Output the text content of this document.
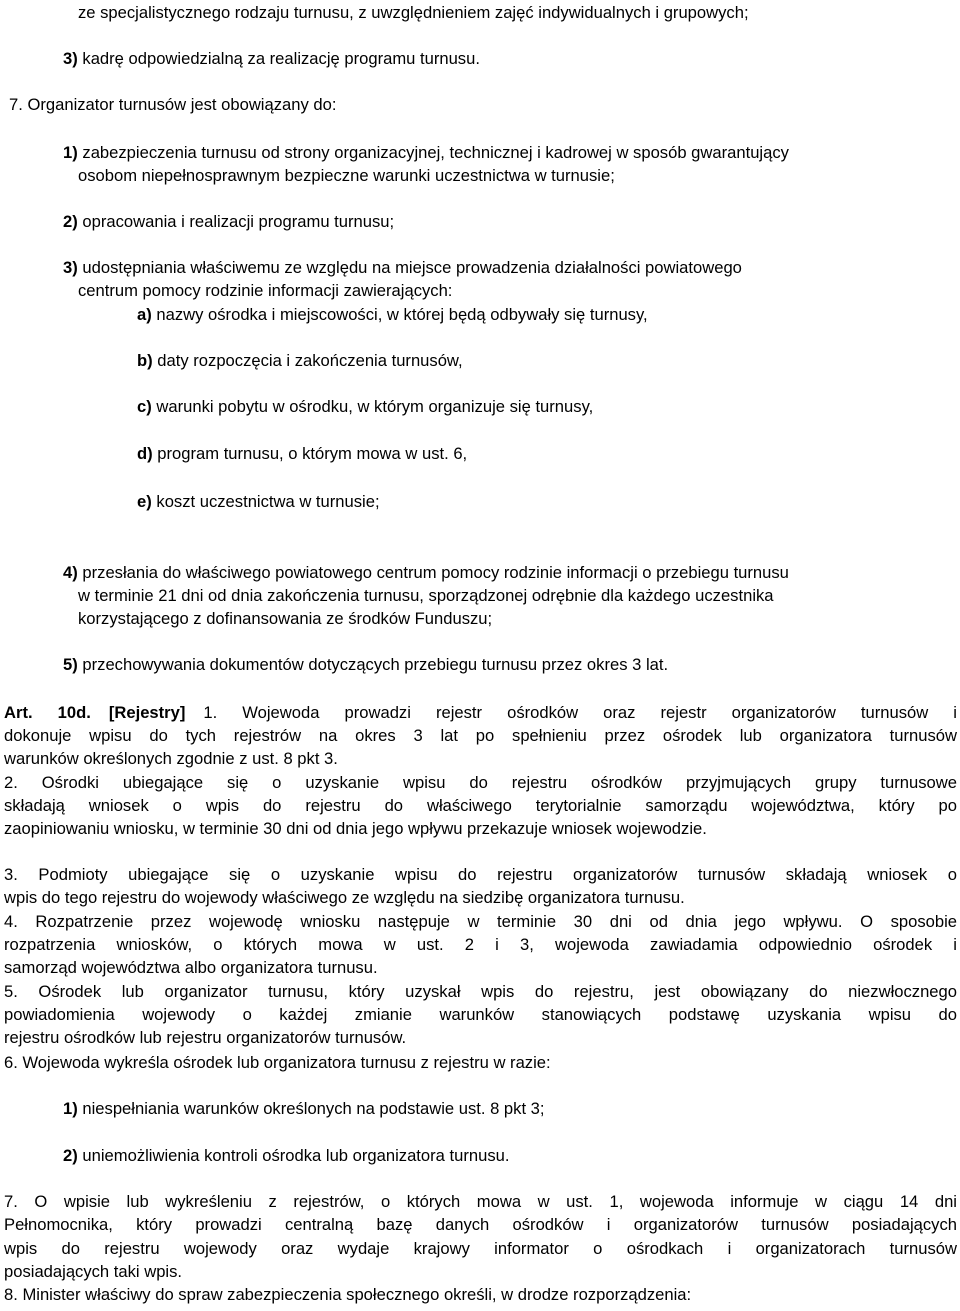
ze specjalistycznego rodzaju turnusu, z uwzględnieniem zajęć indywidualnych i grupowych;
3) kadrę odpowiedzialną za realizację programu turnusu.
7. Organizator turnusów jest obowiązany do:
1) zabezpieczenia turnusu od strony organizacyjnej, technicznej i kadrowej w sposób gwarantujący
osobom niepełnosprawnym bezpieczne warunki uczestnictwa w turnusie;
2) opracowania i realizacji programu turnusu;
3) udostępniania właściwemu ze względu na miejsce prowadzenia działalności powiatowego
centrum pomocy rodzinie informacji zawierających:
a) nazwy ośrodka i miejscowości, w której będą odbywały się turnusy,
b) daty rozpoczęcia i zakończenia turnusów,
c) warunki pobytu w ośrodku, w którym organizuje się turnusy,
d) program turnusu, o którym mowa w ust. 6,
e) koszt uczestnictwa w turnusie;
4) przesłania do właściwego powiatowego centrum pomocy rodzinie informacji o przebiegu turnusu
w terminie 21 dni od dnia zakończenia turnusu, sporządzonej odrębnie dla każdego uczestnika
korzystającego z dofinansowania ze środków Funduszu;
5) przechowywania dokumentów dotyczących przebiegu turnusu przez okres 3 lat.
Art. 10d. [Rejestry] 1. Wojewoda prowadzi rejestr ośrodków oraz rejestr organizatorów turnusów i
dokonuje wpisu do tych rejestrów na okres 3 lat po spełnieniu przez ośrodek lub organizatora turnusów
warunków określonych zgodnie z ust. 8 pkt 3.
2. Ośrodki ubiegające się o uzyskanie wpisu do rejestru ośrodków przyjmujących grupy turnusowe
składają wniosek o wpis do rejestru do właściwego terytorialnie samorządu województwa, który po
zaopiniowaniu wniosku, w terminie 30 dni od dnia jego wpływu przekazuje wniosek wojewodzie.
3. Podmioty ubiegające się o uzyskanie wpisu do rejestru organizatorów turnusów składają wniosek o
wpis do tego rejestru do wojewody właściwego ze względu na siedzibę organizatora turnusu.
4. Rozpatrzenie przez wojewodę wniosku następuje w terminie 30 dni od dnia jego wpływu. O sposobie
rozpatrzenia wniosków, o których mowa w ust. 2 i 3, wojewoda zawiadamia odpowiednio ośrodek i
samorząd województwa albo organizatora turnusu.
5. Ośrodek lub organizator turnusu, który uzyskał wpis do rejestru, jest obowiązany do niezwłocznego
powiadomienia wojewody o każdej zmianie warunków stanowiących podstawę uzyskania wpisu do
rejestru ośrodków lub rejestru organizatorów turnusów.
6. Wojewoda wykreśla ośrodek lub organizatora turnusu z rejestru w razie:
1) niespełniania warunków określonych na podstawie ust. 8 pkt 3;
2) uniemożliwienia kontroli ośrodka lub organizatora turnusu.
7. O wpisie lub wykreśleniu z rejestrów, o których mowa w ust. 1, wojewoda informuje w ciągu 14 dni
Pełnomocnika, który prowadzi centralną bazę danych ośrodków i organizatorów turnusów posiadających
wpis do rejestru wojewody oraz wydaje krajowy informator o ośrodkach i organizatorach turnusów
posiadających taki wpis.
8. Minister właściwy do spraw zabezpieczenia społecznego określi, w drodze rozporządzenia:
